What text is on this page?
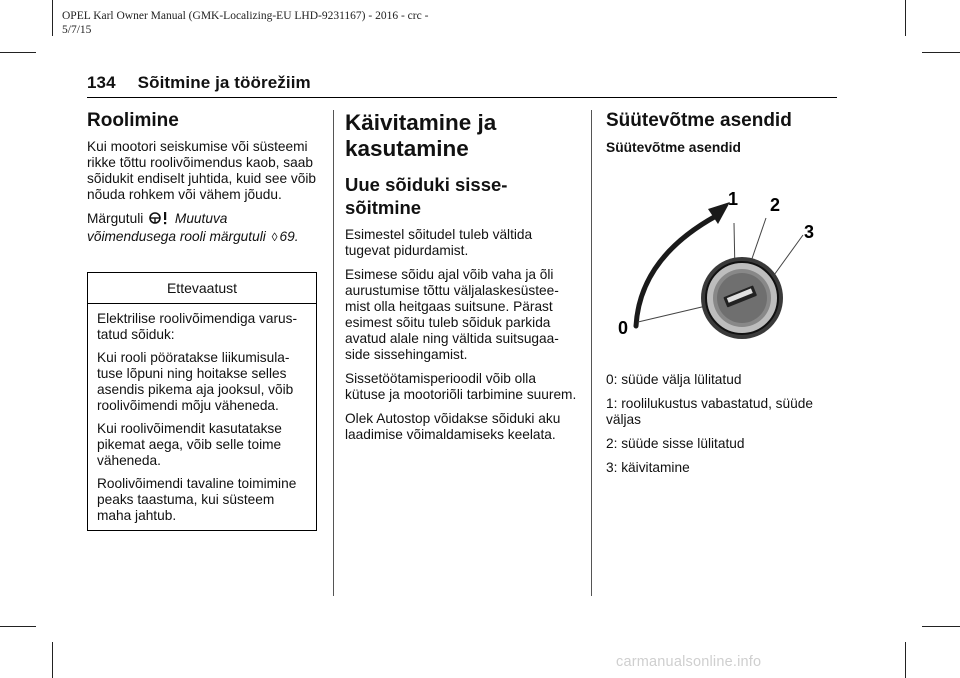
OPEL Karl Owner Manual (GMK-Localizing-EU LHD-9231167) - 2016 - crc -
5/7/15
134 Sõitmine ja töörežiim
Roolimine

Kui mootori seiskumise või süsteemi rikke tõttu roolivõimendus kaob, saab sõidukit endiselt juhtida, kuid see võib nõuda rohkem või vähem jõudu.

Märgutuli Muutuva võimendusega rooli märgutuli ◊ 69.

Ettevaatust

Elektrilise roolivõimendiga varus-tatud sõiduk:

Kui rooli pööratakse liikumisula-tuse lõpuni ning hoitakse selles asendis pikema aja jooksul, võib roolivõimendi mõju väheneda.

Kui roolivõimendit kasutatakse pikemat aega, võib selle toime väheneda.

Roolivõimendi tavaline toimimine peaks taastuma, kui süsteem maha jahtub.

Käivitamine ja kasutamine
Uue sõiduki sisse-sõitmine

Esimestel sõitudel tuleb vältida tugevat pidurdamist.

Esimese sõidu ajal võib vaha ja õli aurustumise tõttu väljalaskesüstee-mist olla heitgaas suitsune. Pärast esimest sõitu tuleb sõiduk parkida avatud alale ning vältida suitsugaa-side sissehingamist.

Sissetöötamisperioodil võib olla kütuse ja mootoriõli tarbimine suurem.

Olek Autostop võidakse sõiduki aku laadimise võimaldamiseks keelata.

Süütevõtme asendid
Süütevõtme asendid
0
1 2
3

0: süüde välja lülitatud

1: roolilukustus vabastatud, süüde väljas

2: süüde sisse lülitatud

3: käivitamine

carmanualsonline.info
